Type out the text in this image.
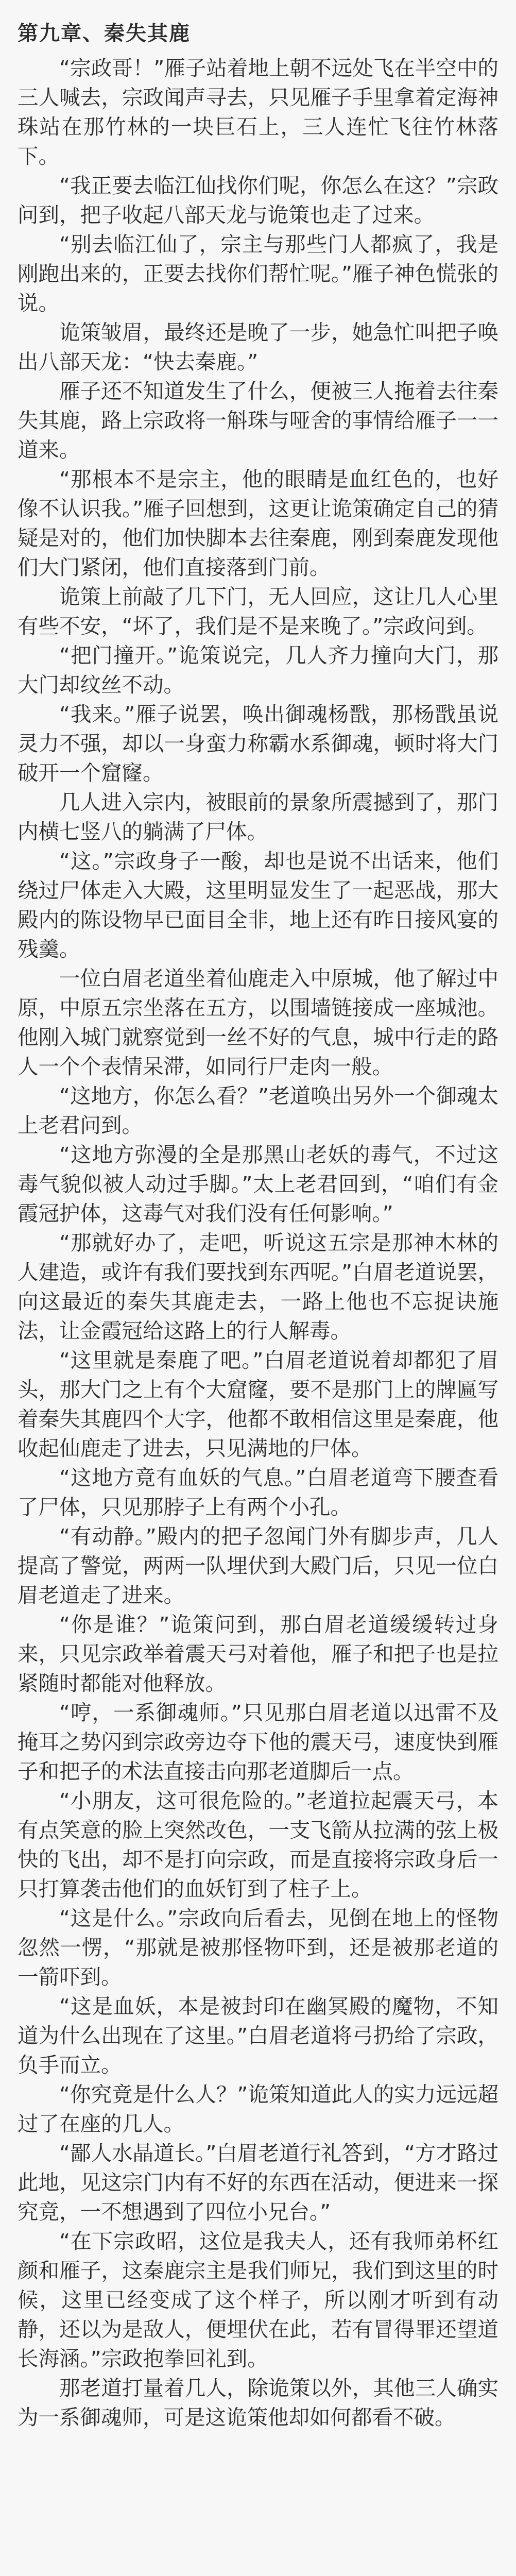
第九章、秦失其鹿

“宗政哥！”雁子站着地上朝不远处飞在半空中的三人喊去，宗政闻声寻去，只见雁子手里拿着定海神珠站在那竹林的一块巨石上，三人连忙飞往竹林落下。

“我正要去临江仙找你们呢，你怎么在这？”宗政问到，把子收起八部天龙与诡策也走了过来。

“别去临江仙了，宗主与那些门人都疯了，我是刚跑出来的，正要去找你们帮忙呢。”雁子神色慌张的说。

诡策皱眉，最终还是晚了一步，她急忙叫把子唤出八部天龙：“快去秦鹿。”

雁子还不知道发生了什么，便被三人拖着去往秦失其鹿，路上宗政将一斛珠与哑舍的事情给雁子一一道来。

“那根本不是宗主，他的眼睛是血红色的，也好像不认识我。”雁子回想到，这更让诡策确定自己的猜疑是对的，他们加快脚本去往秦鹿，刚到秦鹿发现他们大门紧闭，他们直接落到门前。

诡策上前敲了几下门，无人回应，这让几人心里有些不安，“坏了，我们是不是来晚了。”宗政问到。

“把门撞开。”诡策说完，几人齐力撞向大门，那大门却纹丝不动。

“我来。”雁子说罢，唤出御魂杨戬，那杨戬虽说灵力不强，却以一身蛮力称霸水系御魂，顿时将大门破开一个窟窿。

几人进入宗内，被眼前的景象所震撼到了，那门内横七竖八的躺满了尸体。

“这。”宗政身子一酸，却也是说不出话来，他们绕过尸体走入大殿，这里明显发生了一起恶战，那大殿内的陈设物早已面目全非，地上还有昨日接风宴的残羹。

一位白眉老道坐着仙鹿走入中原城，他了解过中原，中原五宗坐落在五方，以围墙链接成一座城池。他刚入城门就察觉到一丝不好的气息，城中行走的路人一个个表情呆滞，如同行尸走肉一般。

“这地方，你怎么看？”老道唤出另外一个御魂太上老君问到。

“这地方弥漫的全是那黑山老妖的毒气，不过这毒气貌似被人动过手脚。”太上老君回到，“咱们有金霞冠护体，这毒气对我们没有任何影响。”

“那就好办了，走吧，听说这五宗是那神木林的人建造，或许有我们要找到东西呢。”白眉老道说罢，向这最近的秦失其鹿走去，一路上他也不忘捉诀施法，让金霞冠给这路上的行人解毒。

“这里就是秦鹿了吧。”白眉老道说着却都犯了眉头，那大门之上有个大窟窿，要不是那门上的牌匾写着秦失其鹿四个大字，他都不敢相信这里是秦鹿，他收起仙鹿走了进去，只见满地的尸体。

“这地方竟有血妖的气息。”白眉老道弯下腰查看了尸体，只见那脖子上有两个小孔。

“有动静。”殿内的把子忽闻门外有脚步声，几人提高了警觉，两两一队埋伏到大殿门后，只见一位白眉老道走了进来。

“你是谁？”诡策问到，那白眉老道缓缓转过身来，只见宗政举着震天弓对着他，雁子和把子也是拉紧随时都能对他释放。

“哼，一系御魂师。”只见那白眉老道以迅雷不及掩耳之势闪到宗政旁边夺下他的震天弓，速度快到雁子和把子的术法直接击向那老道脚后一点。

“小朋友，这可很危险的。”老道拉起震天弓，本有点笑意的脸上突然改色，一支飞箭从拉满的弦上极快的飞出，却不是打向宗政，而是直接将宗政身后一只打算袭击他们的血妖钉到了柱子上。

“这是什么。”宗政向后看去，见倒在地上的怪物忽然一愣，“那就是被那怪物吓到，还是被那老道的一箭吓到。

“这是血妖，本是被封印在幽冥殿的魔物，不知道为什么出现在了这里。”白眉老道将弓扔给了宗政，负手而立。

“你究竟是什么人？”诡策知道此人的实力远远超过了在座的几人。

“鄙人水晶道长。”白眉老道行礼答到，“方才路过此地，见这宗门内有不好的东西在活动，便进来一探究竟，一不想遇到了四位小兄台。”

“在下宗政昭，这位是我夫人，还有我师弟杯红颜和雁子，这秦鹿宗主是我们师兄，我们到这里的时候，这里已经变成了这个样子，所以刚才听到有动静，还以为是敌人，便埋伏在此，若有冒得罪还望道长海涵。”宗政抱拳回礼到。

那老道打量着几人，除诡策以外，其他三人确实为一系御魂师，可是这诡策他却如何都看不破。
